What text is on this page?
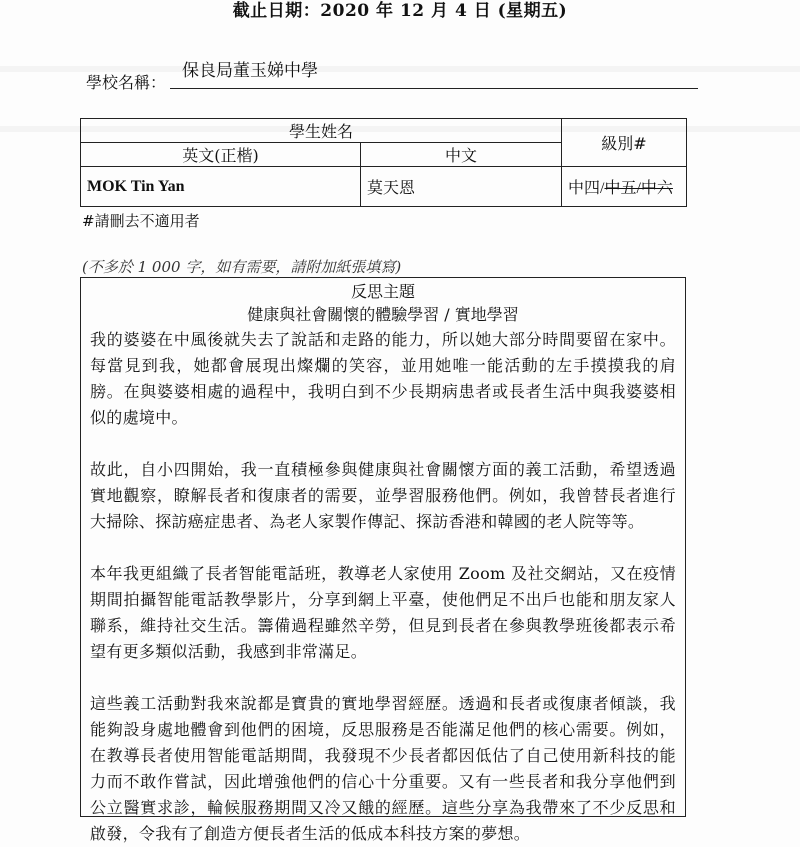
截止日期：2020 年 12 月 4 日 (星期五)
學校名稱：
保良局董玉娣中學
學生姓名		級別#
英文(正楷)	中文	
MOK Tin Yan	莫天恩	中四/中五/中六
#請刪去不適用者
(不多於 1 000 字，如有需要，請附加紙張填寫)
反思主題
健康與社會關懷的體驗學習 / 實地學習

我的婆婆在中風後就失去了說話和走路的能力，所以她大部分時間要留在家中。每當見到我，她都會展現出燦爛的笑容，並用她唯一能活動的左手摸摸我的肩膀。在與婆婆相處的過程中，我明白到不少長期病患者或長者生活中與我婆婆相似的處境中。

故此，自小四開始，我一直積極參與健康與社會關懷方面的義工活動，希望透過實地觀察，瞭解長者和復康者的需要，並學習服務他們。例如，我曾替長者進行大掃除、探訪癌症患者、為老人家製作傳記、探訪香港和韓國的老人院等等。

本年我更組織了長者智能電話班，教導老人家使用 Zoom 及社交網站，又在疫情期間拍攝智能電話教學影片，分享到網上平臺，使他們足不出戶也能和朋友家人聯系，維持社交生活。籌備過程雖然辛勞，但見到長者在參與教學班後都表示希望有更多類似活動，我感到非常滿足。

這些義工活動對我來說都是寶貴的實地學習經歷。透過和長者或復康者傾談，我能夠設身處地體會到他們的困境，反思服務是否能滿足他們的核心需要。例如，在教導長者使用智能電話期間，我發現不少長者都因低估了自己使用新科技的能力而不敢作嘗試，因此增強他們的信心十分重要。又有一些長者和我分享他們到公立醫實求診，輪候服務期間又冷又餓的經歷。這些分享為我帶來了不少反思和啟發，令我有了創造方便長者生活的低成本科技方案的夢想。
